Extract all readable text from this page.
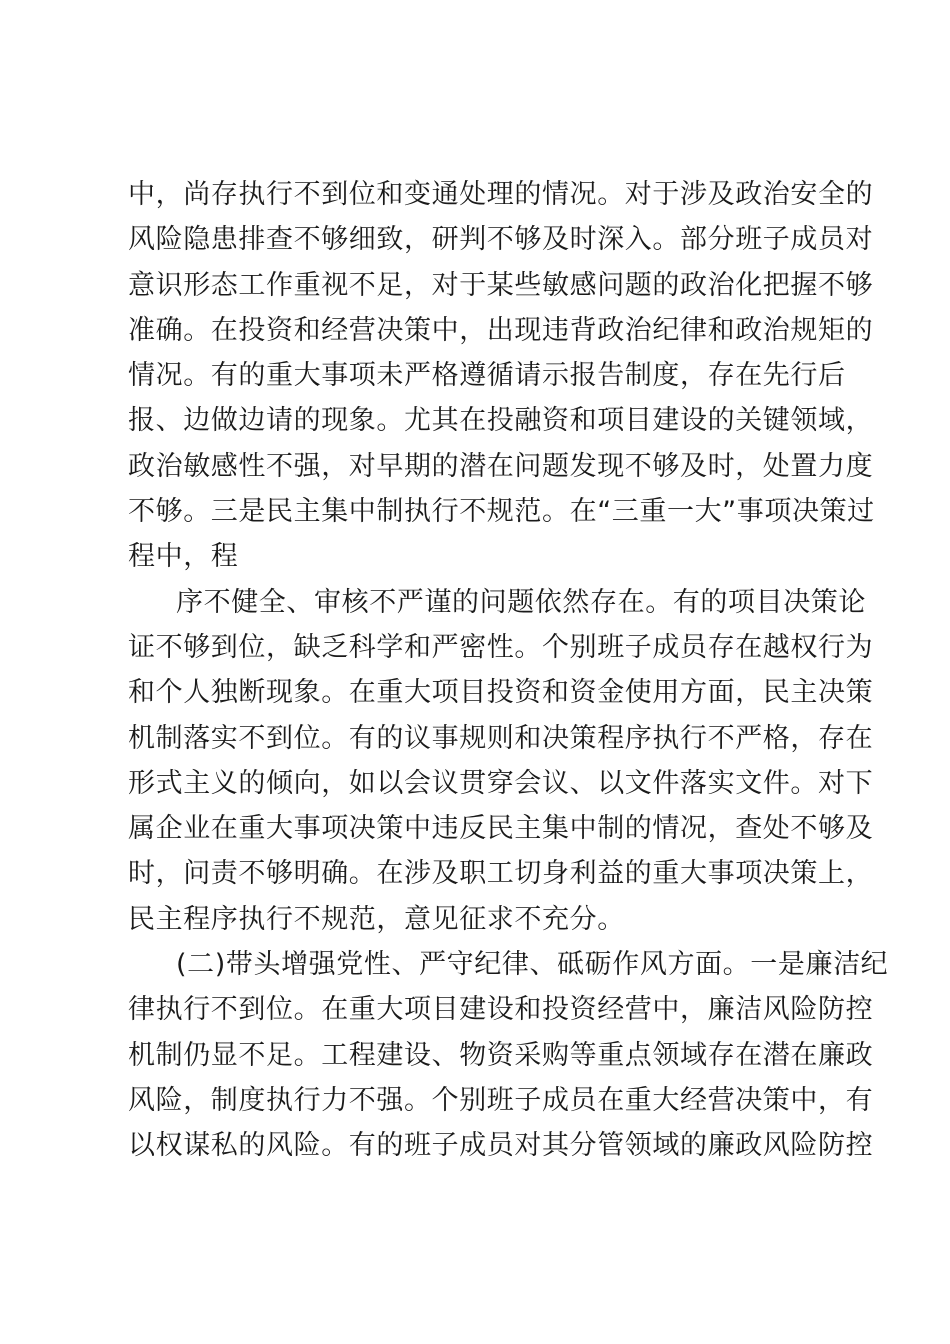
中，尚存执行不到位和变通处理的情况。对于涉及政治安全的
风险隐患排查不够细致，研判不够及时深入。部分班子成员对
意识形态工作重视不足，对于某些敏感问题的政治化把握不够
准确。在投资和经营决策中，出现违背政治纪律和政治规矩的
情况。有的重大事项未严格遵循请示报告制度，存在先行后
报、边做边请的现象。尤其在投融资和项目建设的关键领域，
政治敏感性不强，对早期的潜在问题发现不够及时，处置力度
不够。三是民主集中制执行不规范。在“三重一大”事项决策过
程中，程
序不健全、审核不严谨的问题依然存在。有的项目决策论
证不够到位，缺乏科学和严密性。个别班子成员存在越权行为
和个人独断现象。在重大项目投资和资金使用方面，民主决策
机制落实不到位。有的议事规则和决策程序执行不严格，存在
形式主义的倾向，如以会议贯穿会议、以文件落实文件。对下
属企业在重大事项决策中违反民主集中制的情况，查处不够及
时，问责不够明确。在涉及职工切身利益的重大事项决策上，
民主程序执行不规范，意见征求不充分。
(二)带头增强党性、严守纪律、砥砺作风方面。一是廉洁纪
律执行不到位。在重大项目建设和投资经营中，廉洁风险防控
机制仍显不足。工程建设、物资采购等重点领域存在潜在廉政
风险，制度执行力不强。个别班子成员在重大经营决策中，有
以权谋私的风险。有的班子成员对其分管领域的廉政风险防控
